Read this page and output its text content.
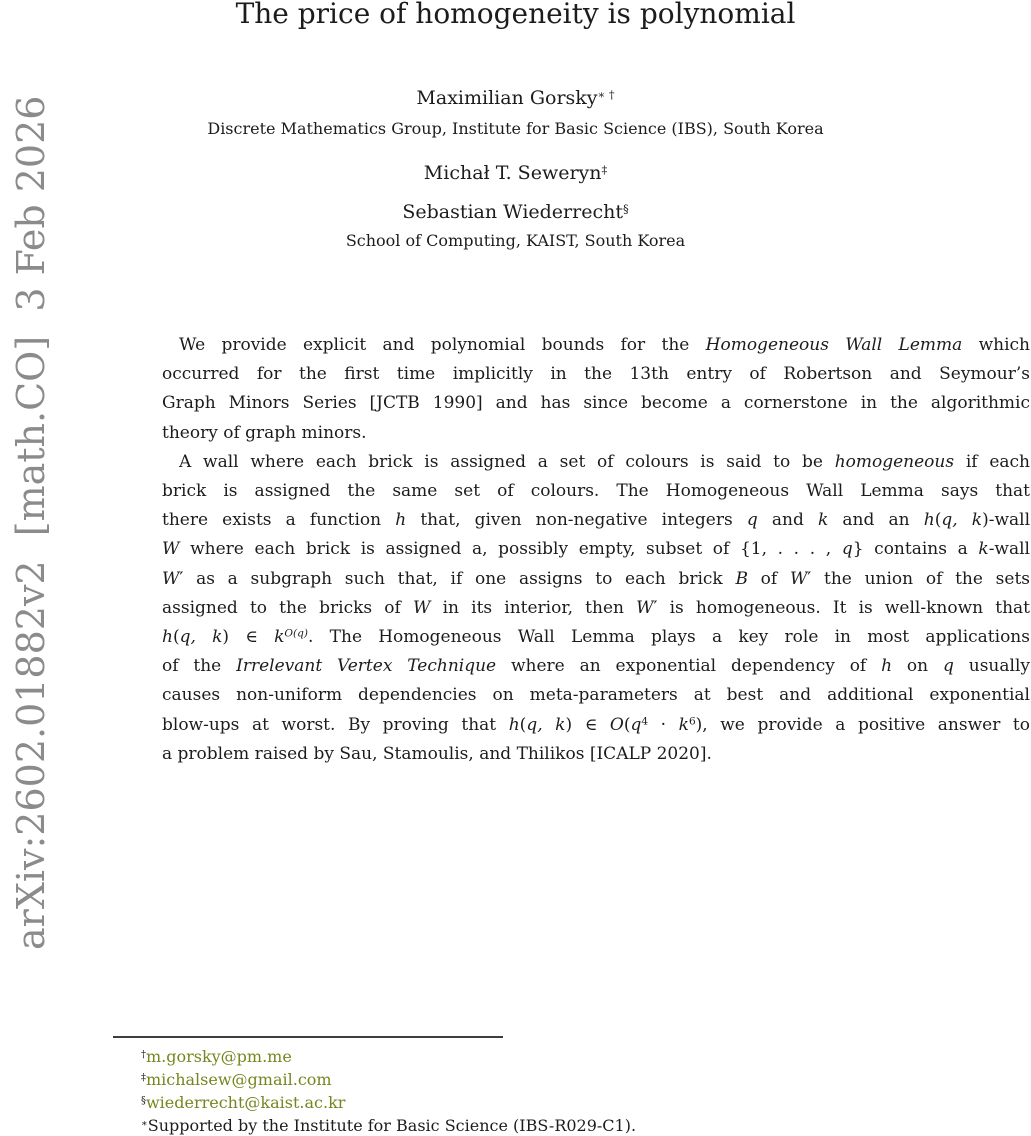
arXiv:2602.01882v2  [math.CO]  3 Feb 2026
The price of homogeneity is polynomial
Maximilian Gorsky∗ †
Discrete Mathematics Group, Institute for Basic Science (IBS), South Korea
Michał T. Seweryn‡
Sebastian Wiederrecht§
School of Computing, KAIST, South Korea
We provide explicit and polynomial bounds for the Homogeneous Wall Lemma which
occurred for the first time implicitly in the 13th entry of Robertson and Seymour’s
Graph Minors Series [JCTB 1990] and has since become a cornerstone in the algorithmic
theory of graph minors.
A wall where each brick is assigned a set of colours is said to be homogeneous if each
brick is assigned the same set of colours. The Homogeneous Wall Lemma says that
there exists a function h that, given non-negative integers q and k and an h(q, k)-wall
W where each brick is assigned a, possibly empty, subset of {1, . . . , q} contains a k-wall
W′ as a subgraph such that, if one assigns to each brick B of W′ the union of the sets
assigned to the bricks of W in its interior, then W′ is homogeneous. It is well-known that
h(q, k) ∈ $k^{O(q)}$. The Homogeneous Wall Lemma plays a key role in most applications
of the Irrelevant Vertex Technique where an exponential dependency of h on q usually
causes non-uniform dependencies on meta-parameters at best and additional exponential
blow-ups at worst. By proving that h(q, k) ∈ $O(q^4 \cdot k^6)$, we provide a positive answer to
a problem raised by Sau, Stamoulis, and Thilikos [ICALP 2020].
†m.gorsky@pm.me
‡michalsew@gmail.com
§wiederrecht@kaist.ac.kr
∗Supported by the Institute for Basic Science (IBS-R029-C1).
